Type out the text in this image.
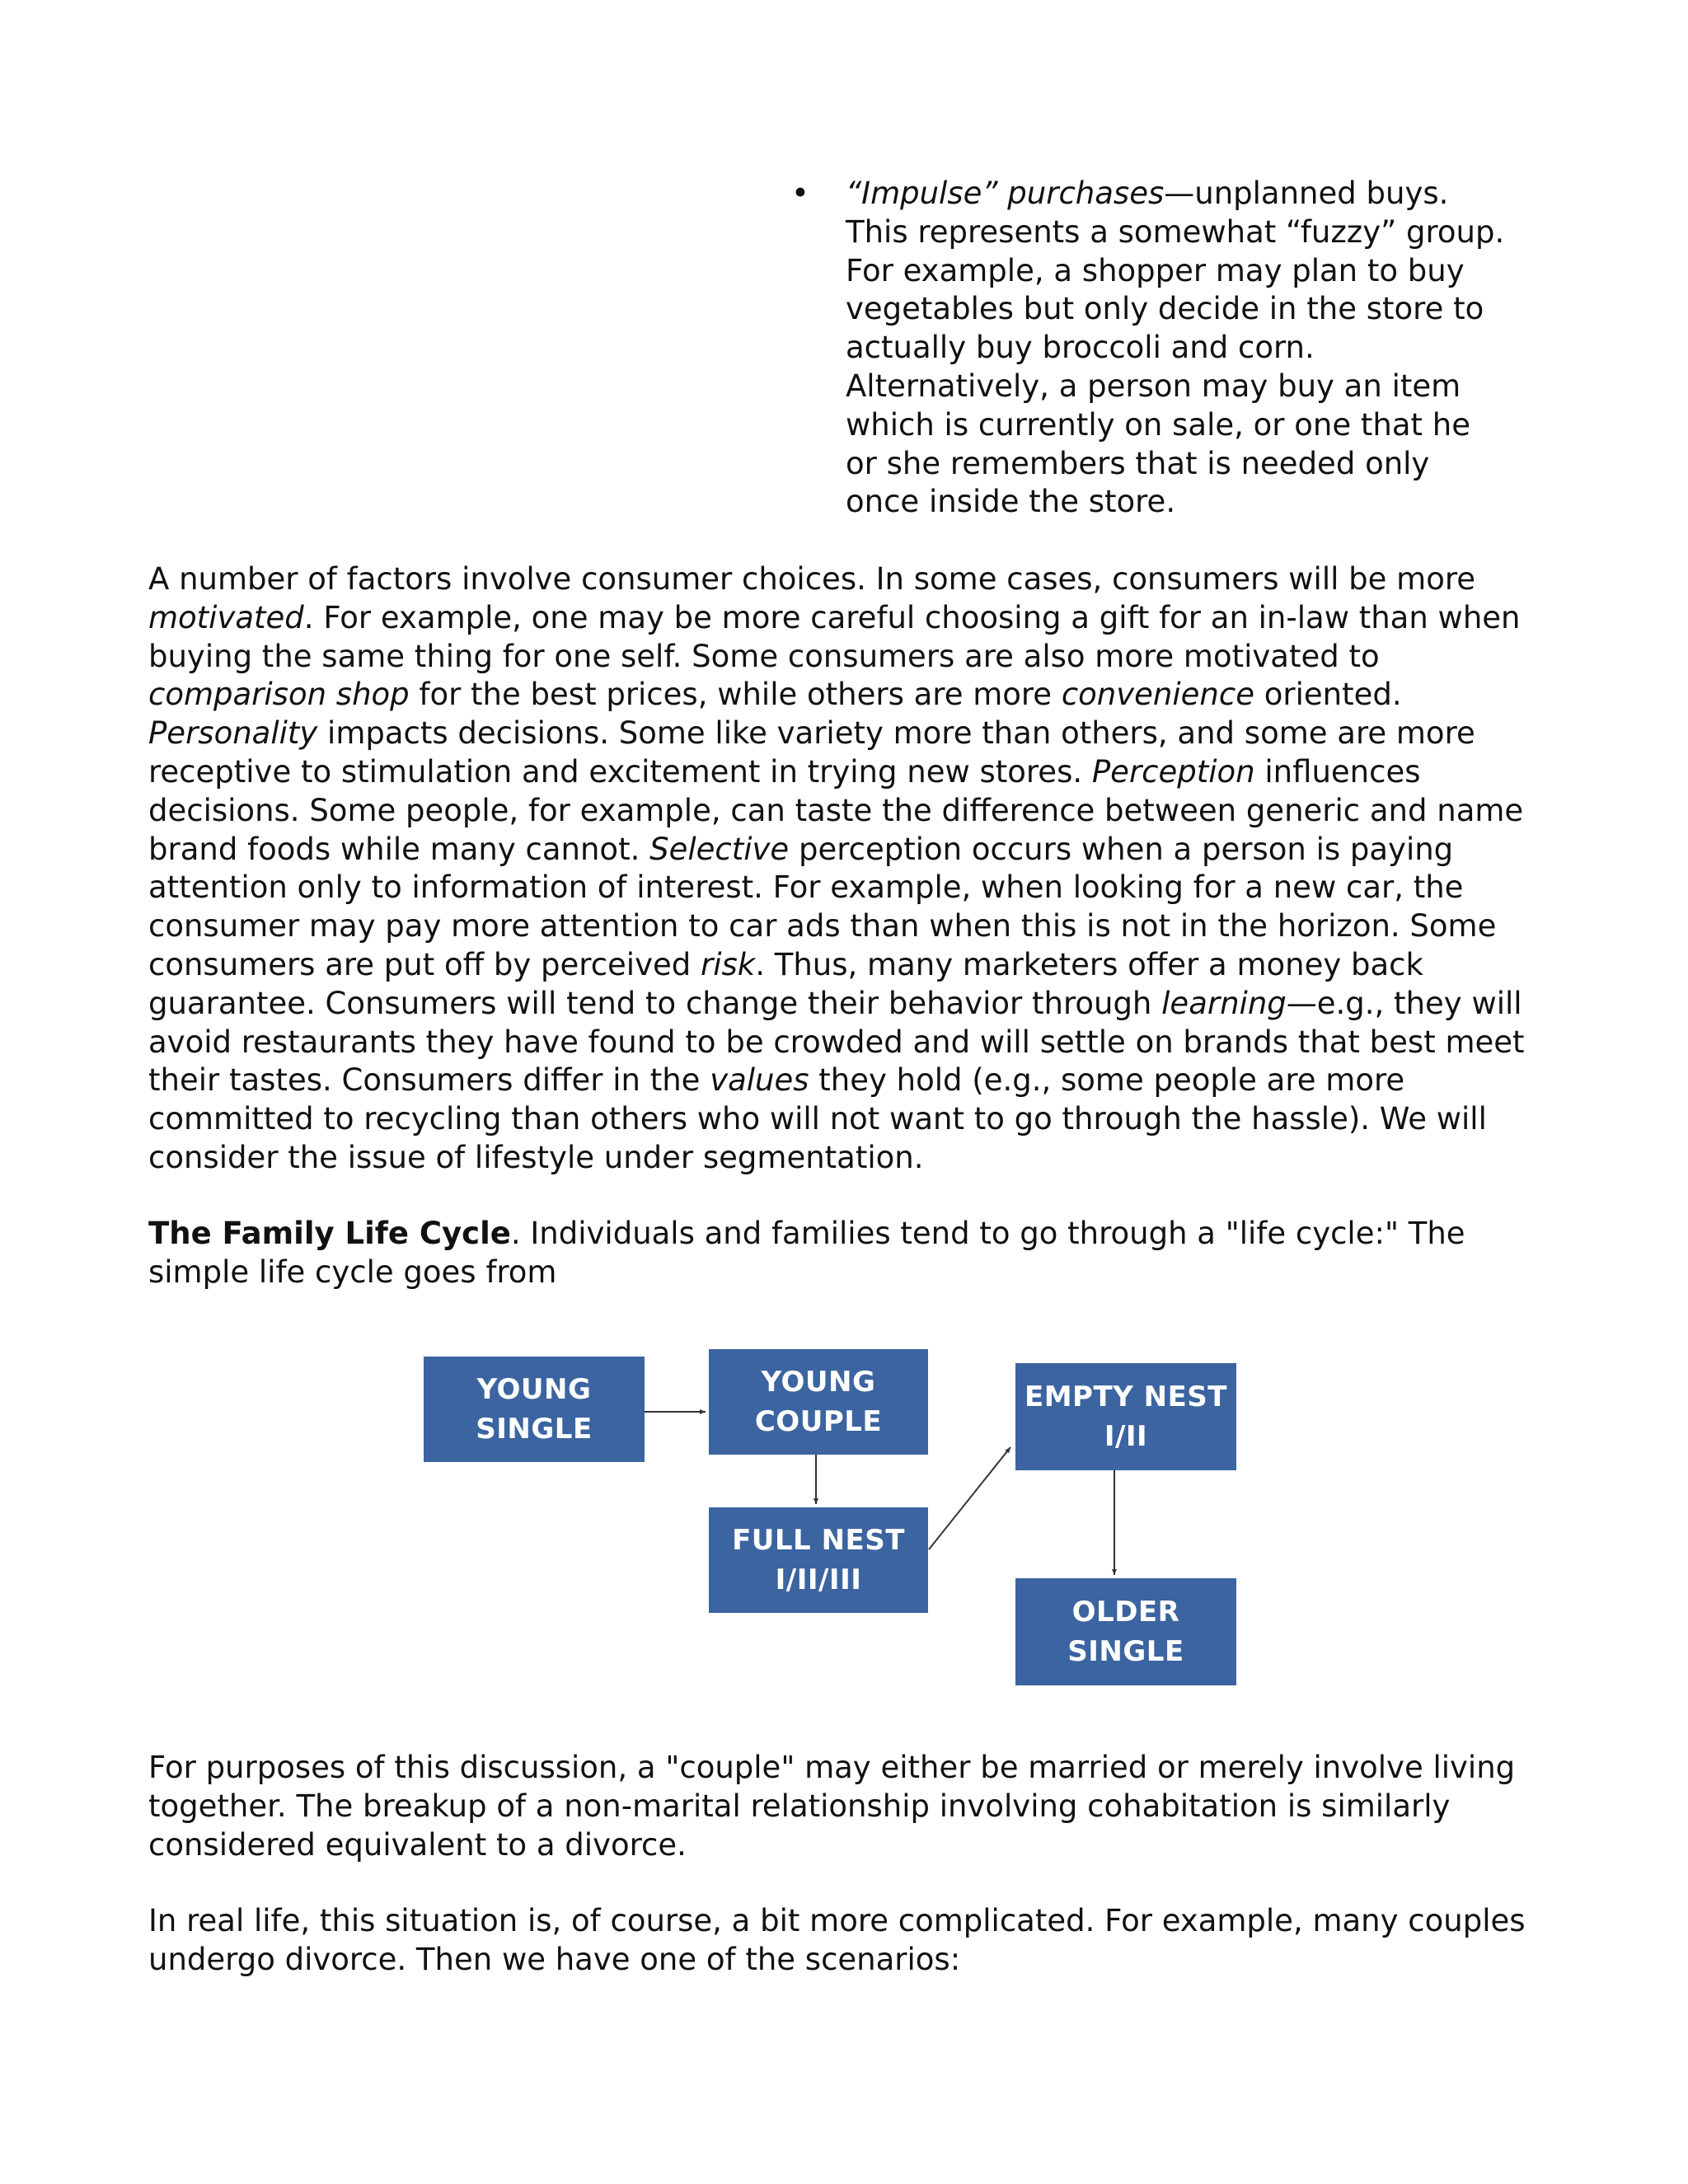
•	“Impulse” purchases—unplanned buys. This represents a somewhat “fuzzy” group. For example, a shopper may plan to buy vegetables but only decide in the store to actually buy broccoli and corn. Alternatively, a person may buy an item which is currently on sale, or one that he or she remembers that is needed only once inside the store.

A number of factors involve consumer choices. In some cases, consumers will be more motivated. For example, one may be more careful choosing a gift for an in-law than when buying the same thing for one self. Some consumers are also more motivated to comparison shop for the best prices, while others are more convenience oriented. Personality impacts decisions. Some like variety more than others, and some are more receptive to stimulation and excitement in trying new stores. Perception influences decisions. Some people, for example, can taste the difference between generic and name brand foods while many cannot. Selective perception occurs when a person is paying attention only to information of interest. For example, when looking for a new car, the consumer may pay more attention to car ads than when this is not in the horizon. Some consumers are put off by perceived risk. Thus, many marketers offer a money back guarantee. Consumers will tend to change their behavior through learning—e.g., they will avoid restaurants they have found to be crowded and will settle on brands that best meet their tastes. Consumers differ in the values they hold (e.g., some people are more committed to recycling than others who will not want to go through the hassle). We will consider the issue of lifestyle under segmentation.

The Family Life Cycle. Individuals and families tend to go through a "life cycle:" The simple life cycle goes from

YOUNG
SINGLE
YOUNG
COUPLE
EMPTY NEST
I/II
FULL NEST
I/II/III
OLDER
SINGLE

For purposes of this discussion, a "couple" may either be married or merely involve living together. The breakup of a non-marital relationship involving cohabitation is similarly considered equivalent to a divorce.

In real life, this situation is, of course, a bit more complicated. For example, many couples undergo divorce. Then we have one of the scenarios:
